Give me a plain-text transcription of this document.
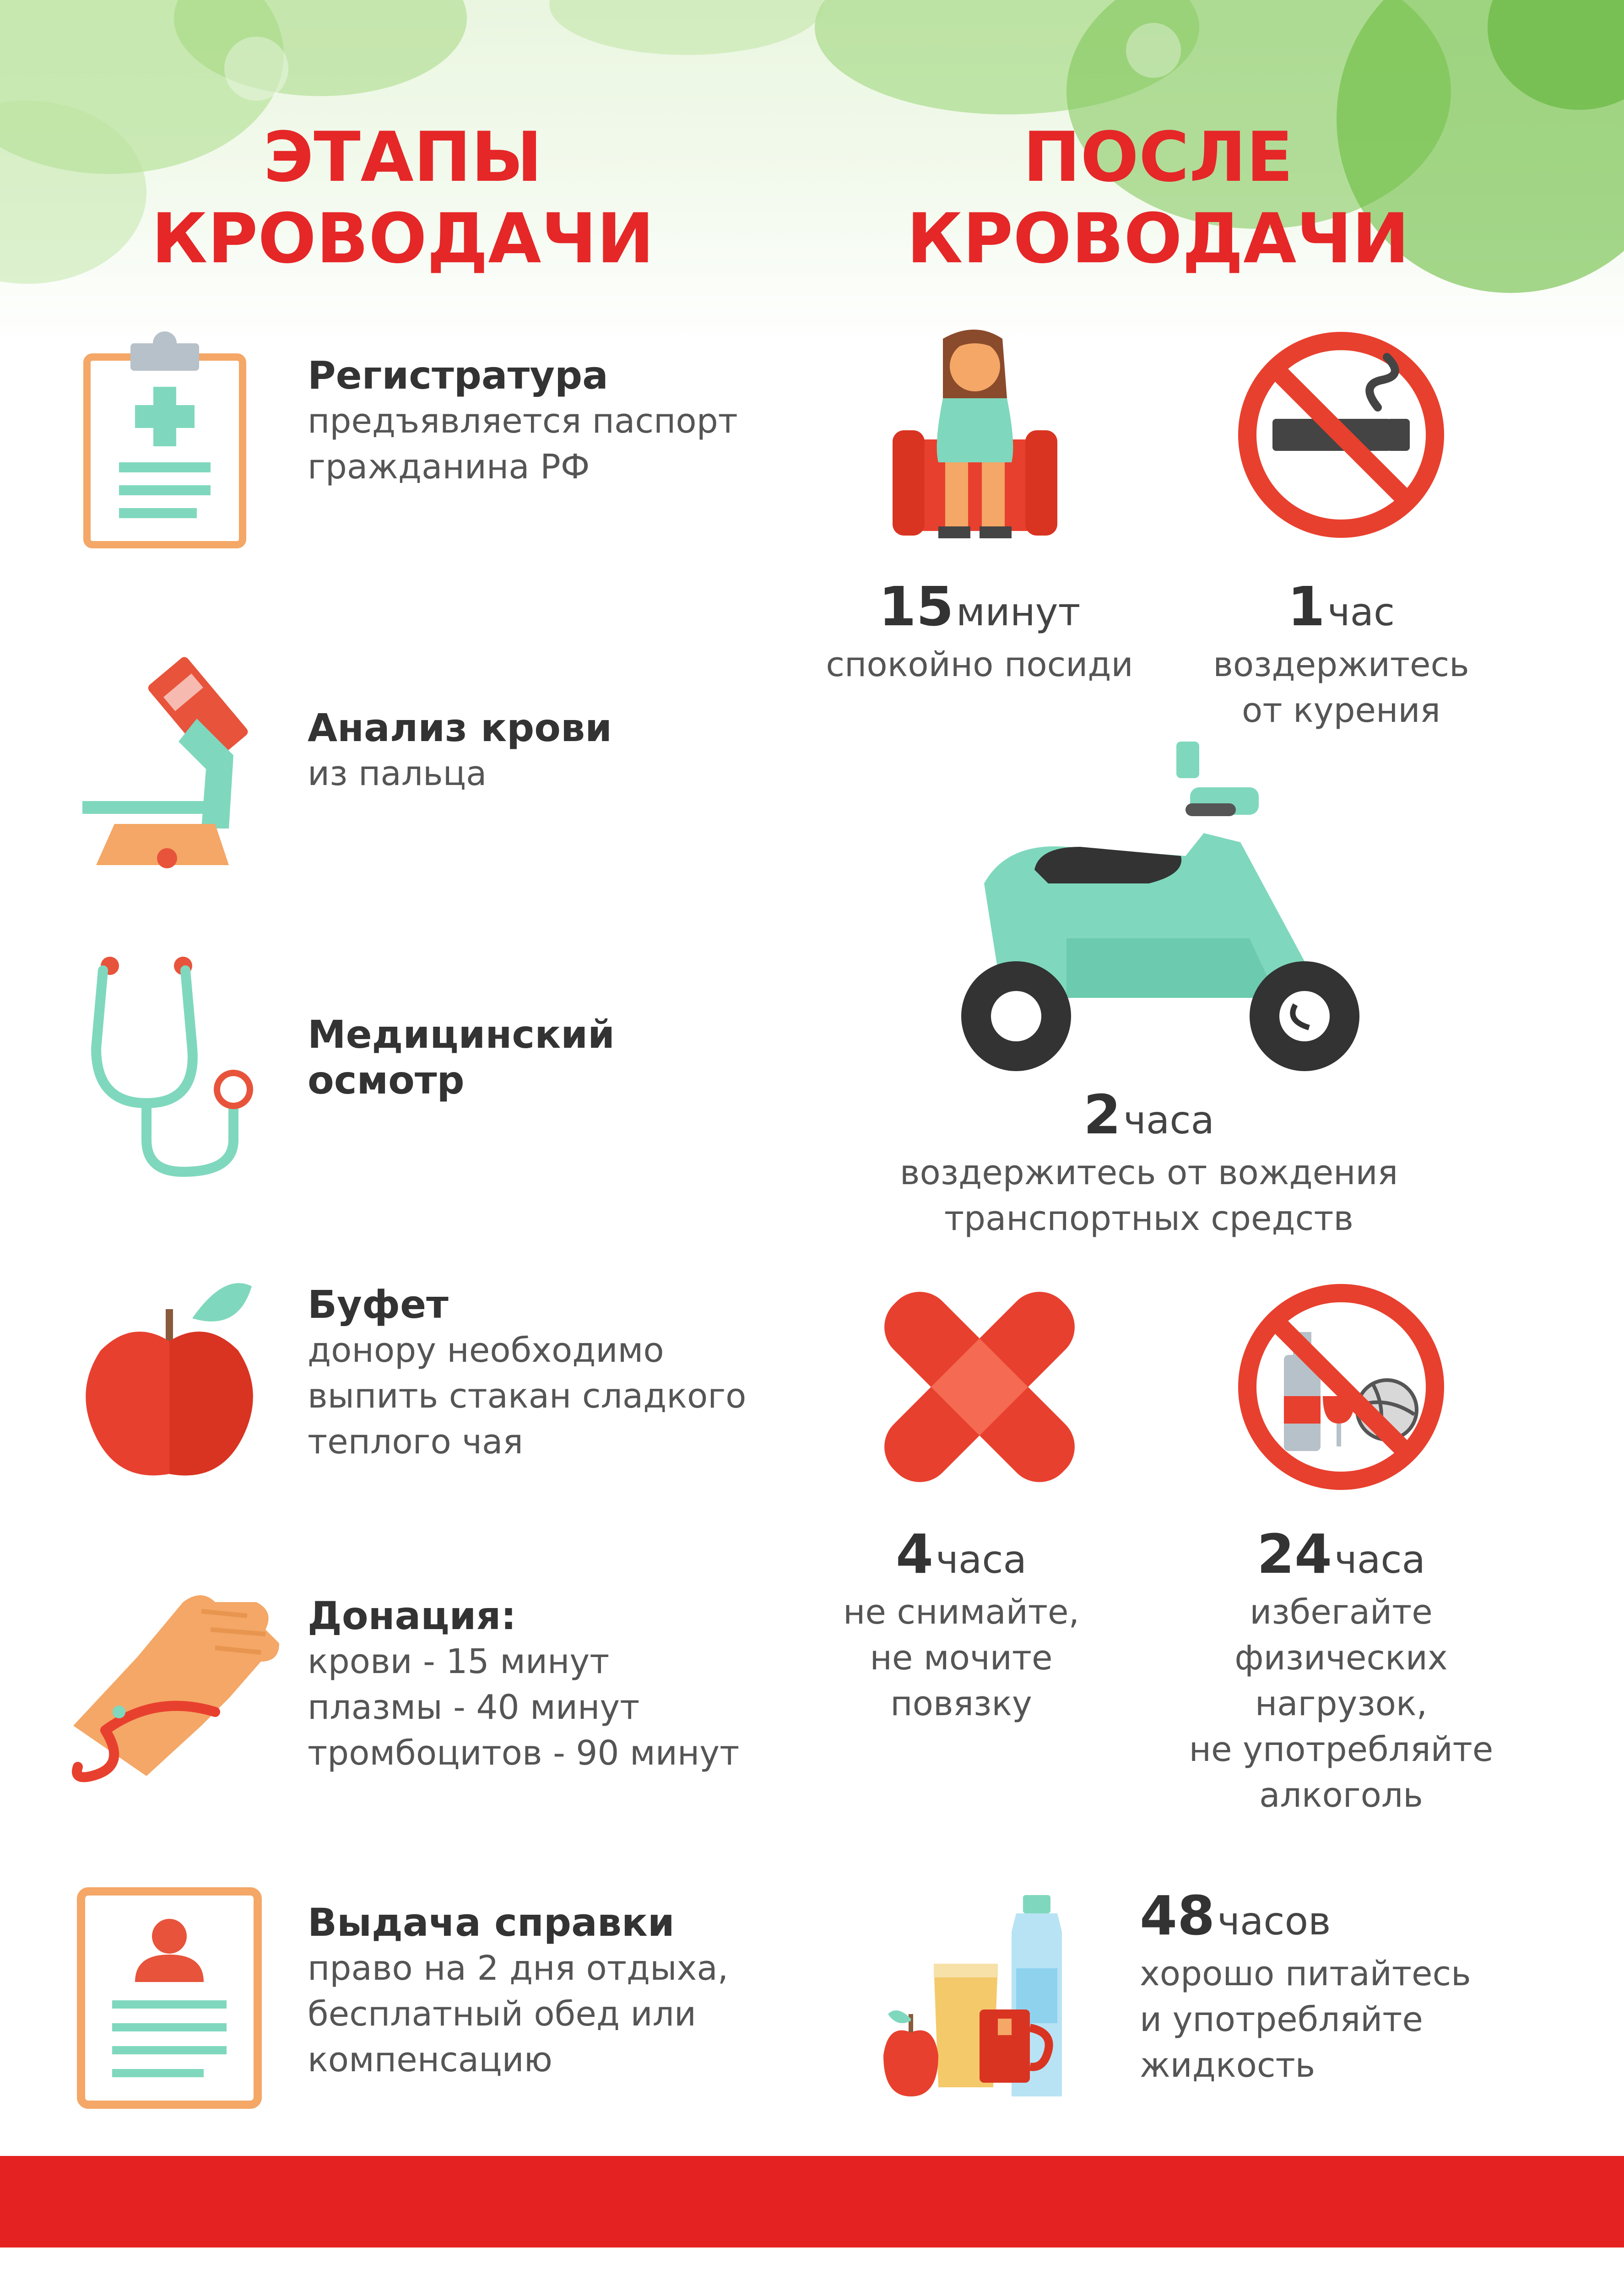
ЭТАПЫ
КРОВОДАЧИ
ПОСЛЕ
КРОВОДАЧИ
Регистратура
предъявляется паспорт
гражданина РФ
Анализ крови
из пальца
Медицинский
осмотр
Буфет
донору необходимо
выпить стакан сладкого
теплого чая
Донация:
крови - 15 минут
плазмы - 40 минут
тромбоцитов - 90 минут
Выдача справки
право на 2 дня отдыха,
бесплатный обед или
компенсацию
15 минут
спокойно посиди
1 час
воздержитесь
от курения
2 часа
воздержитесь от вождения
транспортных средств
4 часа
не снимайте,
не мочите
повязку
24 часа
избегайте
физических
нагрузок,
не употребляйте
алкоголь
48 часов
хорошо питайтесь
и употребляйте
жидкость
